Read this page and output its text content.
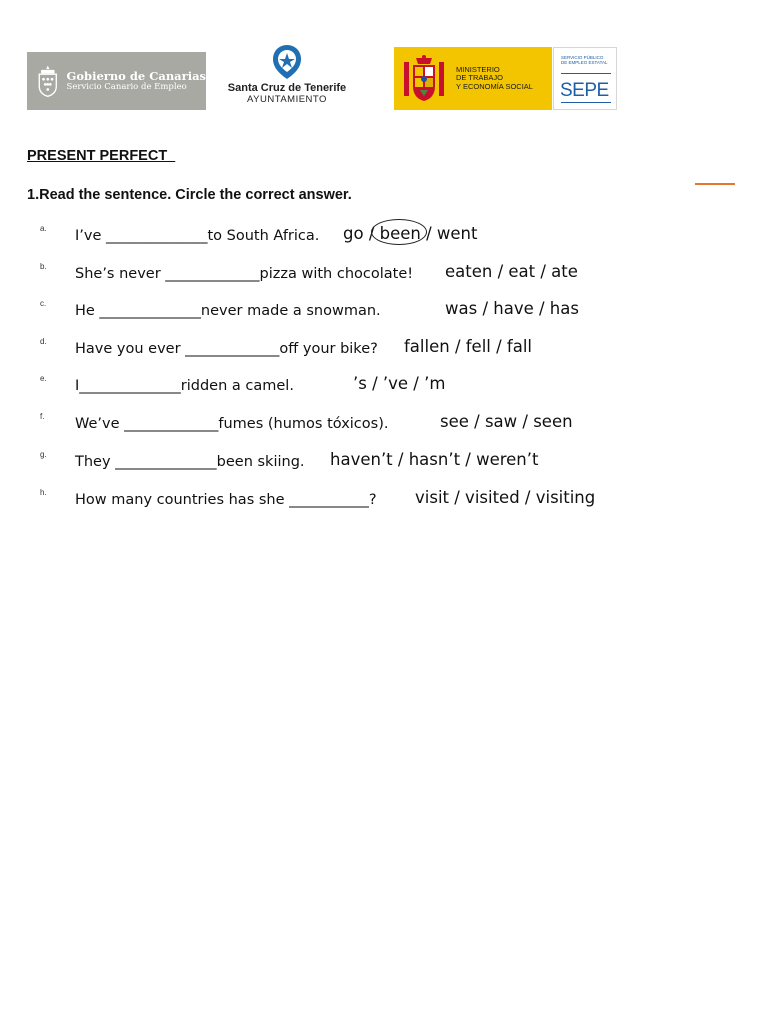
Gobierno de Canarias
Servicio Canario de Empleo	Santa Cruz de Tenerife
AYUNTAMIENTO
MINISTERIO
DE TRABAJO
Y ECONOMÍA SOCIAL
SERVICIO PÚBLICO
DE EMPLEO ESTATAL
SEPE
PRESENT PERFECT
1.Read the sentence. Circle the correct answer.
a. I’ve ______________to South Africa. go / been / went
b. She’s never _____________pizza with chocolate! eaten / eat / ate
c. He ______________never made a snowman.	was / have / has
d. Have you ever _____________off your bike? fallen / fell / fall
e. I______________ridden a camel.	’s / ’ve / ’m
f. We’ve _____________fumes (humos tóxicos).	see / saw / seen
g. They ______________been skiing. haven’t / hasn’t / weren’t
h. How many countries has she ___________? visit / visited / visiting
